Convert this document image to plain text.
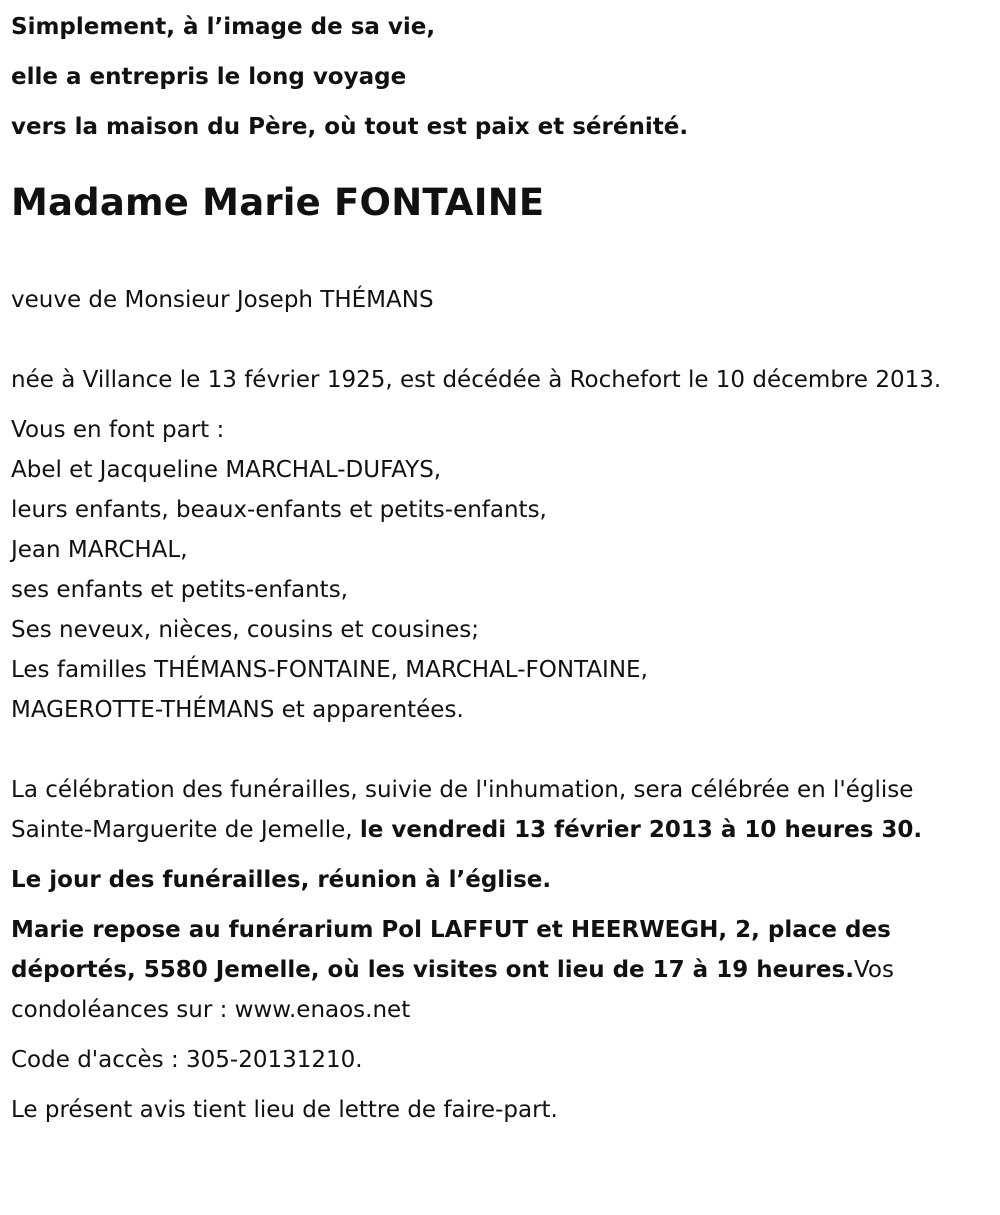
Simplement, à l’image de sa vie,
elle a entrepris le long voyage
vers la maison du Père, où tout est paix et sérénité.
Madame Marie FONTAINE

veuve de Monsieur Joseph THÉMANS

née à Villance le 13 février 1925, est décédée à Rochefort le 10 décembre 2013.

Vous en font part :
Abel et Jacqueline MARCHAL-DUFAYS,
leurs enfants, beaux-enfants et petits-enfants,
Jean MARCHAL,
ses enfants et petits-enfants,
Ses neveux, nièces, cousins et cousines;
Les familles THÉMANS-FONTAINE, MARCHAL-FONTAINE,
MAGEROTTE-THÉMANS et apparentées.

La célébration des funérailles, suivie de l'inhumation, sera célébrée en l'église Sainte-Marguerite de Jemelle, le vendredi 13 février 2013 à 10 heures 30.

Le jour des funérailles, réunion à l’église.

Marie repose au funérarium Pol LAFFUT et HEERWEGH, 2, place des déportés, 5580 Jemelle, où les visites ont lieu de 17 à 19 heures.Vos condoléances sur : www.enaos.net

Code d'accès : 305-20131210.

Le présent avis tient lieu de lettre de faire-part.
